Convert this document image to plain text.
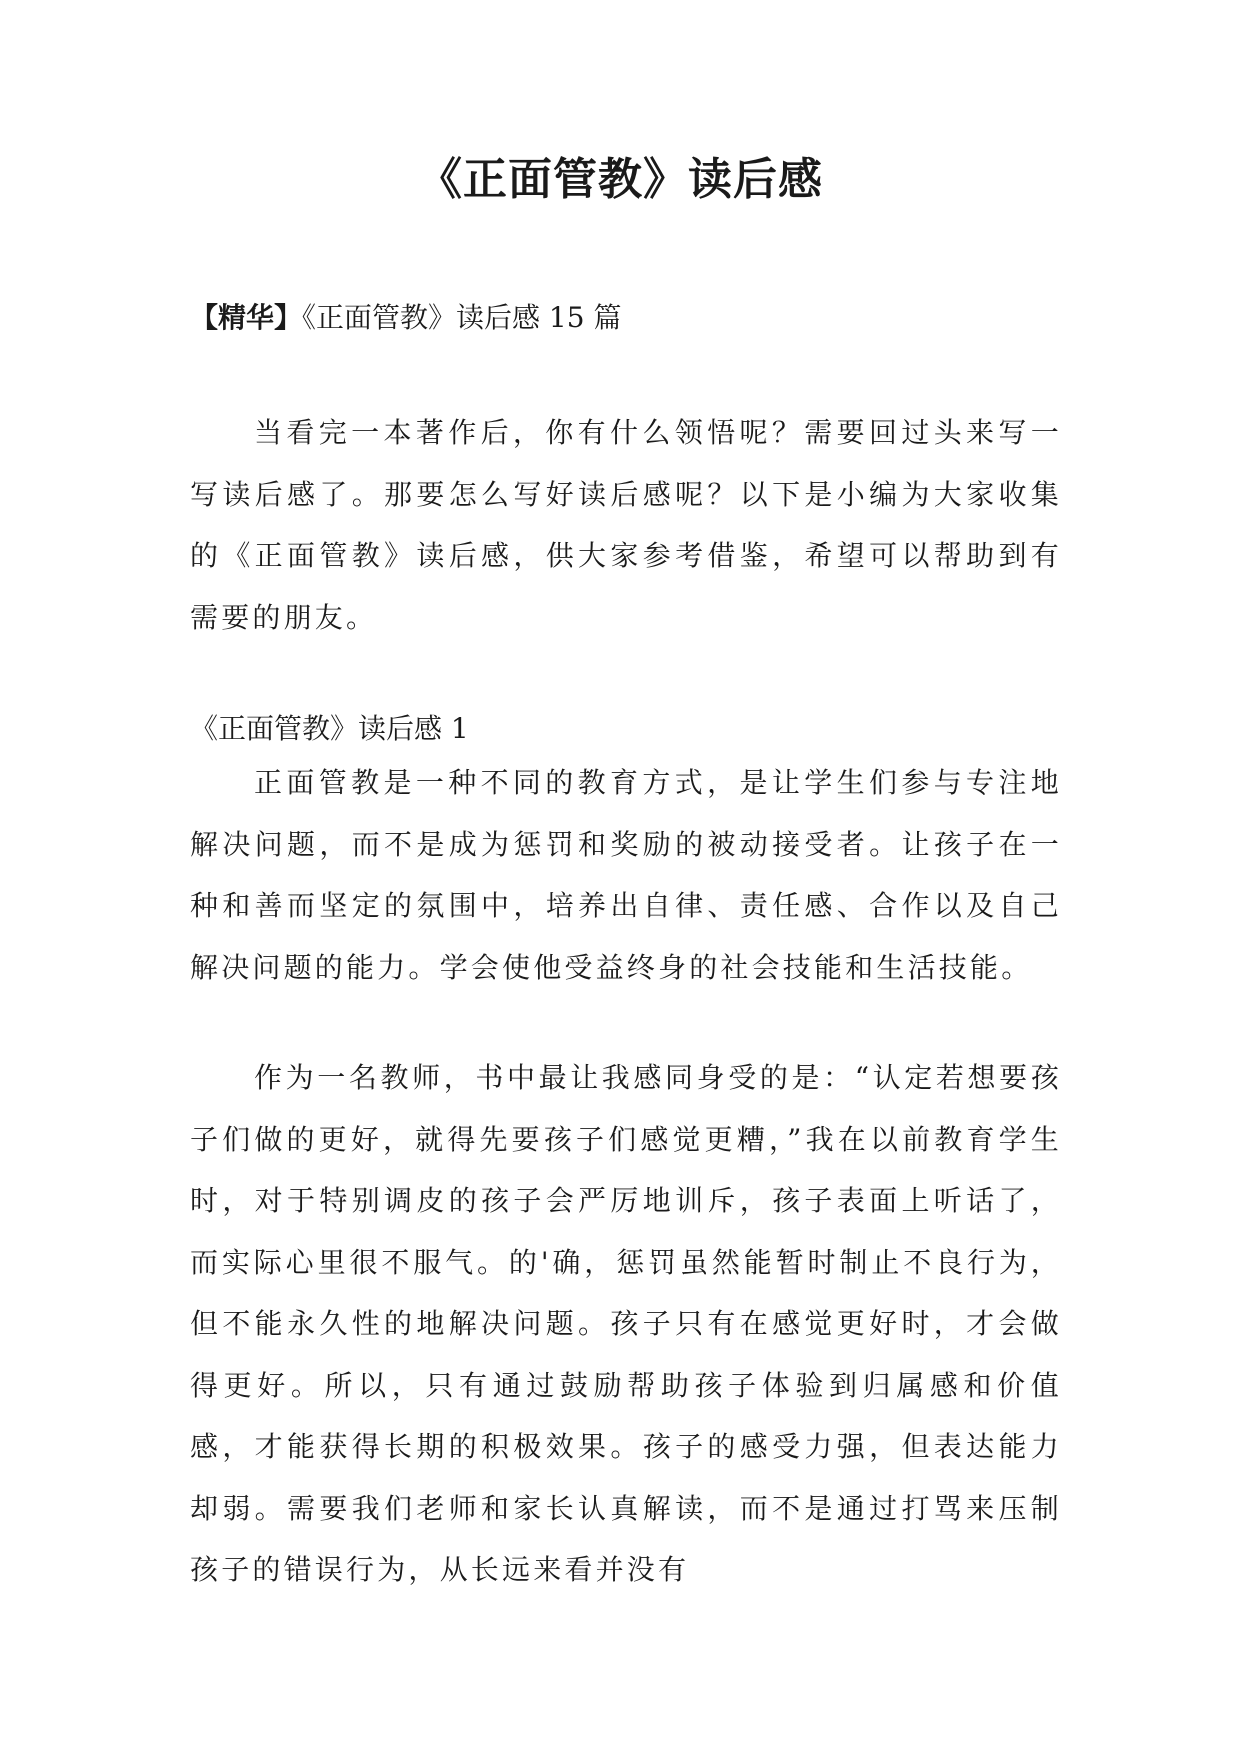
《正面管教》读后感

【精华】《正面管教》读后感 15 篇

当看完一本著作后，你有什么领悟呢？需要回过头来写一写读后感了。那要怎么写好读后感呢？以下是小编为大家收集的《正面管教》读后感，供大家参考借鉴，希望可以帮助到有需要的朋友。

《正面管教》读后感 1

正面管教是一种不同的教育方式，是让学生们参与专注地解决问题，而不是成为惩罚和奖励的被动接受者。让孩子在一种和善而坚定的氛围中，培养出自律、责任感、合作以及自己解决问题的能力。学会使他受益终身的社会技能和生活技能。

作为一名教师，书中最让我感同身受的是：“认定若想要孩子们做的更好，就得先要孩子们感觉更糟，”我在以前教育学生时，对于特别调皮的孩子会严厉地训斥，孩子表面上听话了，而实际心里很不服气。的'确，惩罚虽然能暂时制止不良行为，但不能永久性的地解决问题。孩子只有在感觉更好时，才会做得更好。所以，只有通过鼓励帮助孩子体验到归属感和价值感，才能获得长期的积极效果。孩子的感受力强，但表达能力却弱。需要我们老师和家长认真解读，而不是通过打骂来压制孩子的错误行为，从长远来看并没有
